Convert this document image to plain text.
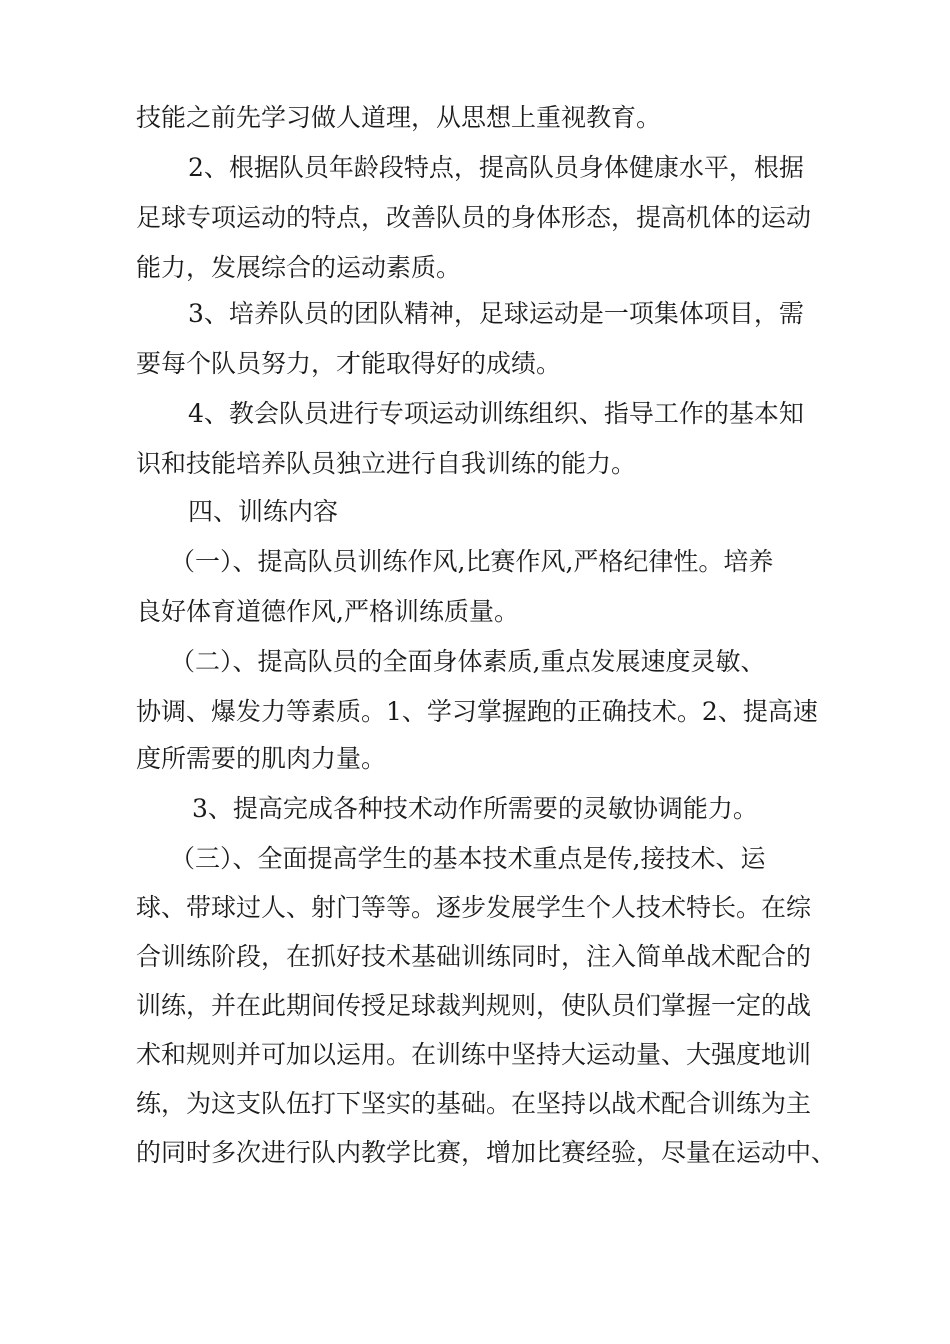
技能之前先学习做人道理，从思想上重视教育。
2、根据队员年龄段特点，提高队员身体健康水平，根据
足球专项运动的特点，改善队员的身体形态，提高机体的运动
能力，发展综合的运动素质。
3、培养队员的团队精神，足球运动是一项集体项目，需
要每个队员努力，才能取得好的成绩。
4、教会队员进行专项运动训练组织、指导工作的基本知
识和技能培养队员独立进行自我训练的能力。
四、训练内容
（一）、提高队员训练作风,比赛作风,严格纪律性。培养
良好体育道德作风,严格训练质量。
（二）、提高队员的全面身体素质,重点发展速度灵敏、
协调、爆发力等素质。1、学习掌握跑的正确技术。2、提高速
度所需要的肌肉力量。
3、提高完成各种技术动作所需要的灵敏协调能力。
（三）、全面提高学生的基本技术重点是传,接技术、运
球、带球过人、射门等等。逐步发展学生个人技术特长。在综
合训练阶段，在抓好技术基础训练同时，注入简单战术配合的
训练，并在此期间传授足球裁判规则，使队员们掌握一定的战
术和规则并可加以运用。在训练中坚持大运动量、大强度地训
练，为这支队伍打下坚实的基础。在坚持以战术配合训练为主
的同时多次进行队内教学比赛，增加比赛经验，尽量在运动中、
